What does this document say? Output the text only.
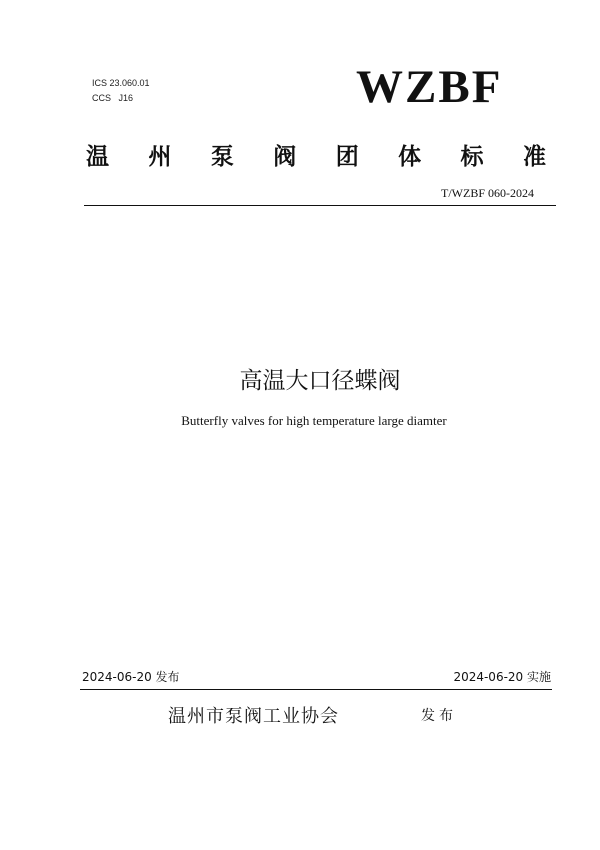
ICS 23.060.01
CCS   J16	WZBF
温 州 泵 阀 团 体 标 准
T/WZBF 060-2024
高温大口径蝶阀
Butterfly valves for high temperature large diamter
2024-06-20 发布	2024-06-20 实施
温州市泵阀工业协会	发布
